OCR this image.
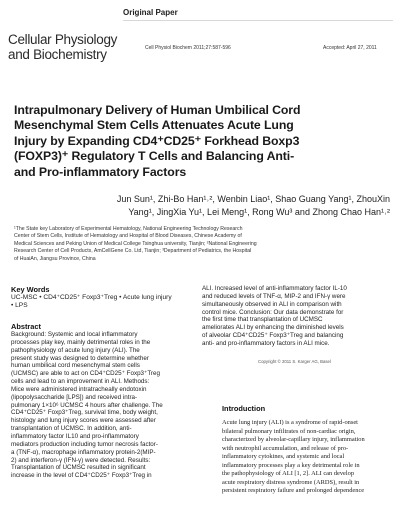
Original Paper
Cellular Physiology
and Biochemistry	Cell Physiol Biochem 2011;27:587-596	Accepted: April 27, 2011
Intrapulmonary Delivery of Human Umbilical Cord
Mesenchymal Stem Cells Attenuates Acute Lung
Injury by Expanding CD4⁺CD25⁺ Forkhead Boxp3
(FOXP3)⁺ Regulatory T Cells and Balancing Anti-
and Pro-inflammatory Factors
Jun Sun¹, Zhi-Bo Han¹˒², Wenbin Liao¹, Shao Guang Yang¹, ZhouXin
Yang¹, JingXia Yu¹, Lei Meng¹, Rong Wu³ and Zhong Chao Han¹˒²
¹The State key Laboratory of Experimental Hematology, National Engineering Technology Research
Center of Stem Cells, Institute of Hematology and Hospital of Blood Diseases, Chinese Academy of
Medical Sciences and Peking Union of Medical College Tsinghua university, Tianjin; ²National Engineering
Research Center of Cell Products, AmCellGene Co. Ltd, Tianjin; ³Department of Pediatrics, the Hospital
of HuaiAn, Jiangsu Province, China
Key Words
UC-MSC • CD4⁺CD25⁺ Foxp3⁺Treg • Acute lung injury
• LPS
Abstract
Background: Systemic and local inflammatory
processes play key, mainly detrimental roles in the
pathophysiology of acute lung injury (ALI). The
present study was designed to determine whether
human umbilical cord mesenchymal stem cells
(UCMSC) are able to act on CD4⁺CD25⁺ Foxp3⁺Treg
cells and lead to an improvement in ALI. Methods:
Mice were administered intratracheally endotoxin
(lipopolysaccharide [LPS]) and received intra-
pulmonary 1×10⁶ UCMSC 4 hours after challenge. The
CD4⁺CD25⁺ Foxp3⁺Treg, survival time, body weight,
histology and lung injury scores were assessed after
transplantation of UCMSC. In addition, anti-
inflammatory factor IL10 and pro-inflammatory
mediators production including tumor necrosis factor-
a (TNF-α), macrophage inflammatory protein-2(MIP-
2) and interferon-γ (IFN-γ) were detected. Results:
Transplantation of UCMSC resulted in significant
increase in the level of CD4⁺CD25⁺ Foxp3⁺Treg in
ALI. Increased level of anti-inflammatory factor IL-10
and reduced levels of TNF-α, MIP-2 and IFN-γ were
simultaneously observed in ALI in comparison with
control mice. Conclusion: Our data demonstrate for
the first time that transplantation of UCMSC
ameliorates ALI by enhancing the diminished levels
of alveolar CD4⁺CD25⁺ Foxp3⁺Treg and balancing
anti- and pro-inflammatory factors in ALI mice.
Copyright © 2011 S. Karger AG, Basel
Introduction
Acute lung injury (ALI) is a syndrome of rapid-onset
bilateral pulmonary infiltrates of non-cardiac origin,
characterized by alveolar-capillary injury, inflammation
with neutrophil accumulation, and release of pro-
inflammatory cytokines, and systemic and local
inflammatory processes play a key detrimental role in
the pathophysiology of ALI [1, 2]. ALI can develop
acute respiratory distress syndrome (ARDS), result in
persistent respiratory failure and prolonged dependence
